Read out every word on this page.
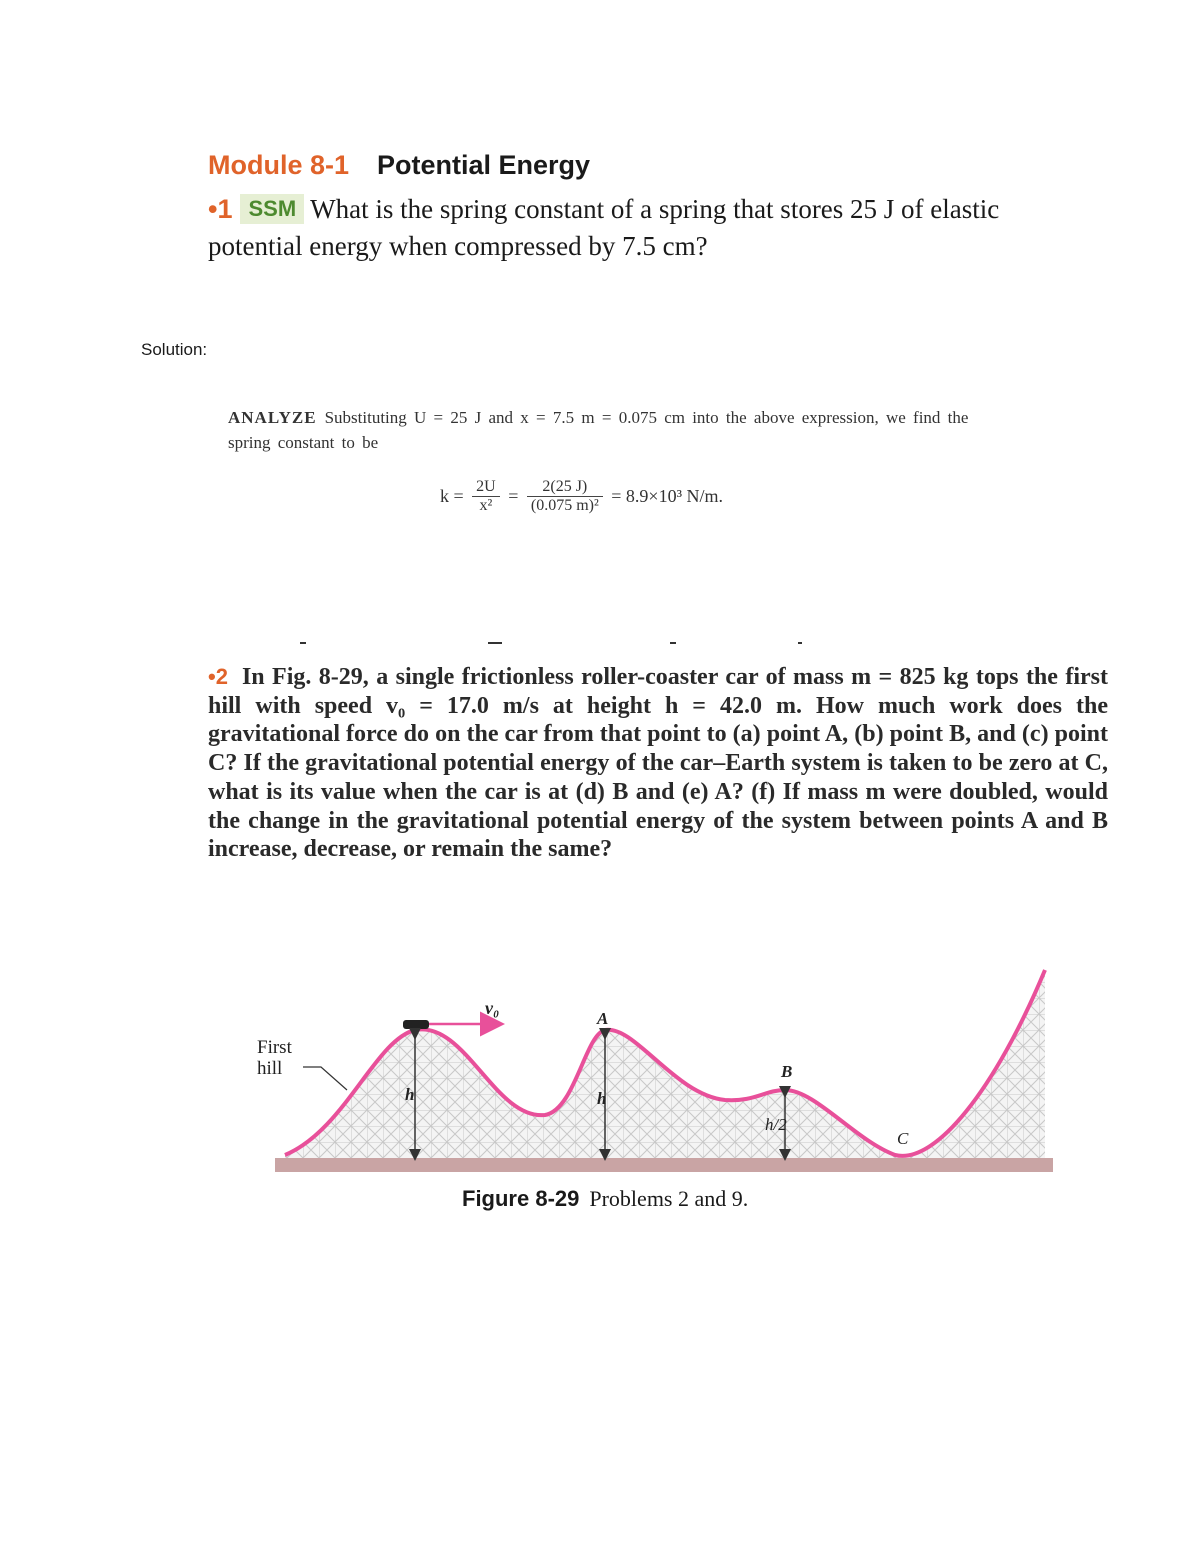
Module 8-1 Potential Energy
•1 SSM What is the spring constant of a spring that stores 25 J of elastic potential energy when compressed by 7.5 cm?
Solution:
ANALYZE Substituting U = 25 J and x = 7.5 m = 0.075 cm into the above expression, we find the spring constant to be
$k = \frac{2U}{\text{x²}} = \frac{2(25 J)}{\text{(0.075 m)²}} = 8.9\times 10^3$ N/m.
•2 In Fig. 8-29, a single frictionless roller-coaster car of mass m = 825 kg tops the first hill with speed v₀ = 17.0 m/s at height h = 42.0 m. How much work does the gravitational force do on the car from that point to (a) point A, (b) point B, and (c) point C? If the gravitational potential energy of the car–Earth system is taken to be zero at C, what is its value when the car is at (d) B and (e) A? (f) If mass m were doubled, would the change in the gravitational potential energy of the system between points A and B increase, decrease, or remain the same?
First
hill
v₀
A
B
C
h	h
h/2
Figure 8-29 Problems 2 and 9.
